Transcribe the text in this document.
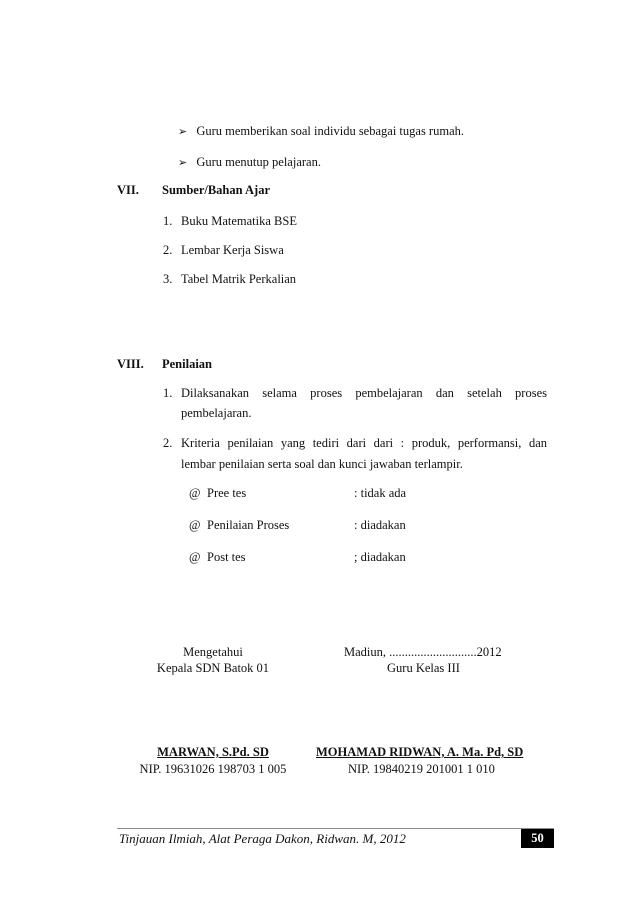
➢ Guru memberikan soal individu sebagai tugas rumah.
➢ Guru menutup pelajaran.
VII. Sumber/Bahan Ajar
1. Buku Matematika BSE
2. Lembar Kerja Siswa
3. Tabel Matrik Perkalian
VIII. Penilaian
1. Dilaksanakan selama proses pembelajaran dan setelah proses
pembelajaran.
2. Kriteria penilaian yang tediri dari dari : produk, performansi, dan
lembar penilaian serta soal dan kunci jawaban terlampir.
@ Pree tes	: tidak ada
@ Penilaian Proses	: diadakan
@ Post tes	; diadakan
Mengetahui
Kepala SDN Batok 01
MARWAN, S.Pd. SD
NIP. 19631026 198703 1 005
Madiun, ............................2012
Guru Kelas III
MOHAMAD RIDWAN, A. Ma. Pd, SD
NIP. 19840219 201001 1 010
Tinjauan Ilmiah, Alat Peraga Dakon, Ridwan. M, 2012	50
